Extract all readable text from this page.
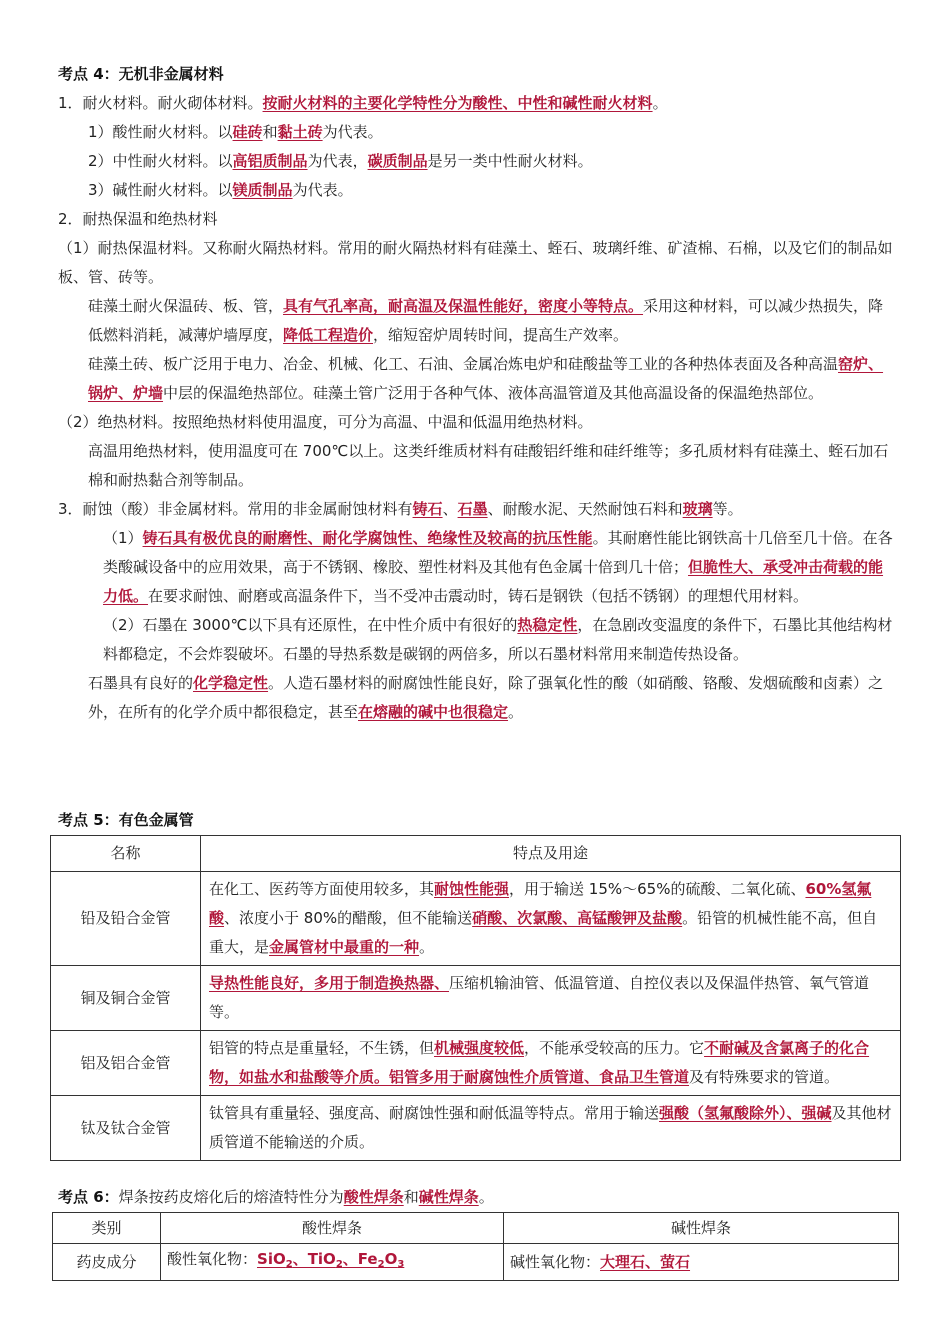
考点 4：无机非金属材料

1．耐火材料。耐火砌体材料。按耐火材料的主要化学特性分为酸性、中性和碱性耐火材料。

1）酸性耐火材料。以硅砖和黏土砖为代表。

2）中性耐火材料。以高铝质制品为代表，碳质制品是另一类中性耐火材料。

3）碱性耐火材料。以镁质制品为代表。

2．耐热保温和绝热材料

（1）耐热保温材料。又称耐火隔热材料。常用的耐火隔热材料有硅藻土、蛭石、玻璃纤维、矿渣棉、石棉，以及它们的制品如板、管、砖等。

硅藻土耐火保温砖、板、管，具有气孔率高，耐高温及保温性能好，密度小等特点。采用这种材料，可以减少热损失，降低燃料消耗，减薄炉墙厚度，降低工程造价，缩短窑炉周转时间，提高生产效率。

硅藻土砖、板广泛用于电力、冶金、机械、化工、石油、金属冶炼电炉和硅酸盐等工业的各种热体表面及各种高温窑炉、锅炉、炉墙中层的保温绝热部位。硅藻土管广泛用于各种气体、液体高温管道及其他高温设备的保温绝热部位。

（2）绝热材料。按照绝热材料使用温度，可分为高温、中温和低温用绝热材料。

高温用绝热材料，使用温度可在 700℃以上。这类纤维质材料有硅酸铝纤维和硅纤维等；多孔质材料有硅藻土、蛭石加石棉和耐热黏合剂等制品。

3．耐蚀（酸）非金属材料。常用的非金属耐蚀材料有铸石、石墨、耐酸水泥、天然耐蚀石料和玻璃等。

（1）铸石具有极优良的耐磨性、耐化学腐蚀性、绝缘性及较高的抗压性能。其耐磨性能比钢铁高十几倍至几十倍。在各类酸碱设备中的应用效果，高于不锈钢、橡胶、塑性材料及其他有色金属十倍到几十倍；但脆性大、承受冲击荷载的能力低。在要求耐蚀、耐磨或高温条件下，当不受冲击震动时，铸石是钢铁（包括不锈钢）的理想代用材料。

（2）石墨在 3000℃以下具有还原性，在中性介质中有很好的热稳定性，在急剧改变温度的条件下，石墨比其他结构材料都稳定，不会炸裂破坏。石墨的导热系数是碳钢的两倍多，所以石墨材料常用来制造传热设备。

石墨具有良好的化学稳定性。人造石墨材料的耐腐蚀性能良好，除了强氧化性的酸（如硝酸、铬酸、发烟硫酸和卤素）之外，在所有的化学介质中都很稳定，甚至在熔融的碱中也很稳定。

考点 5：有色金属管

名称	特点及用途
铅及铅合金管	在化工、医药等方面使用较多，其耐蚀性能强，用于输送 15%～65%的硫酸、二氧化硫、60%氢氟酸、浓度小于 80%的醋酸，但不能输送硝酸、次氯酸、高锰酸钾及盐酸。铅管的机械性能不高，但自重大，是金属管材中最重的一种。
铜及铜合金管	导热性能良好，多用于制造换热器、压缩机输油管、低温管道、自控仪表以及保温伴热管、氧气管道等。
铝及铝合金管	铝管的特点是重量轻，不生锈，但机械强度较低，不能承受较高的压力。它不耐碱及含氯离子的化合物，如盐水和盐酸等介质。铝管多用于耐腐蚀性介质管道、食品卫生管道及有特殊要求的管道。
钛及钛合金管	钛管具有重量轻、强度高、耐腐蚀性强和耐低温等特点。常用于输送强酸（氢氟酸除外）、强碱及其他材质管道不能输送的介质。

考点 6：焊条按药皮熔化后的熔渣特性分为酸性焊条和碱性焊条。

类别	酸性焊条	碱性焊条
药皮成分	酸性氧化物：SiO$_2$、TiO$_2$、$Fe_2O_3$	碱性氧化物：大理石、萤石
